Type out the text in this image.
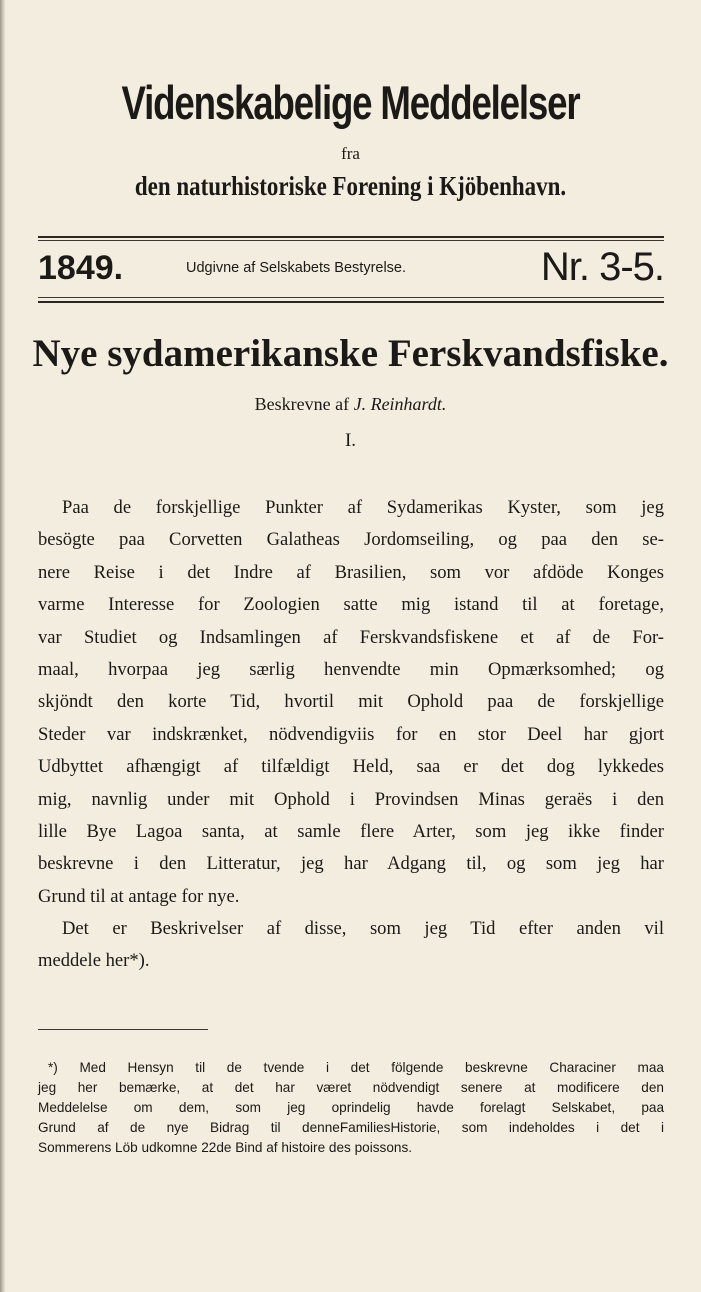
Videnskabelige Meddelelser
fra
den naturhistoriske Forening i Kjöbenhavn.
1849.	Udgivne af Selskabets Bestyrelse.	Nr. 3-5.
Nye sydamerikanske Ferskvandsfiske.
Beskrevne af J. Reinhardt.
I.
Paa de forskjellige Punkter af Sydamerikas Kyster, som jeg
besögte paa Corvetten Galatheas Jordomseiling, og paa den se-
nere Reise i det Indre af Brasilien, som vor afdöde Konges
varme Interesse for Zoologien satte mig istand til at foretage,
var Studiet og Indsamlingen af Ferskvandsfiskene et af de For-
maal, hvorpaa jeg særlig henvendte min Opmærksomhed; og
skjöndt den korte Tid, hvortil mit Ophold paa de forskjellige
Steder var indskrænket, nödvendigviis for en stor Deel har gjort
Udbyttet afhængigt af tilfældigt Held, saa er det dog lykkedes
mig, navnlig under mit Ophold i Provindsen Minas geraës i den
lille Bye Lagoa santa, at samle flere Arter, som jeg ikke finder
beskrevne i den Litteratur, jeg har Adgang til, og som jeg har
Grund til at antage for nye.
Det er Beskrivelser af disse, som jeg Tid efter anden vil
meddele her*).
*) Med Hensyn til de tvende i det fölgende beskrevne Characiner maa
jeg her bemærke, at det har været nödvendigt senere at modificere den
Meddelelse om dem, som jeg oprindelig havde forelagt Selskabet, paa
Grund af de nye Bidrag til denneFamiliesHistorie, som indeholdes i det i
Sommerens Löb udkomne 22de Bind af histoire des poissons.
